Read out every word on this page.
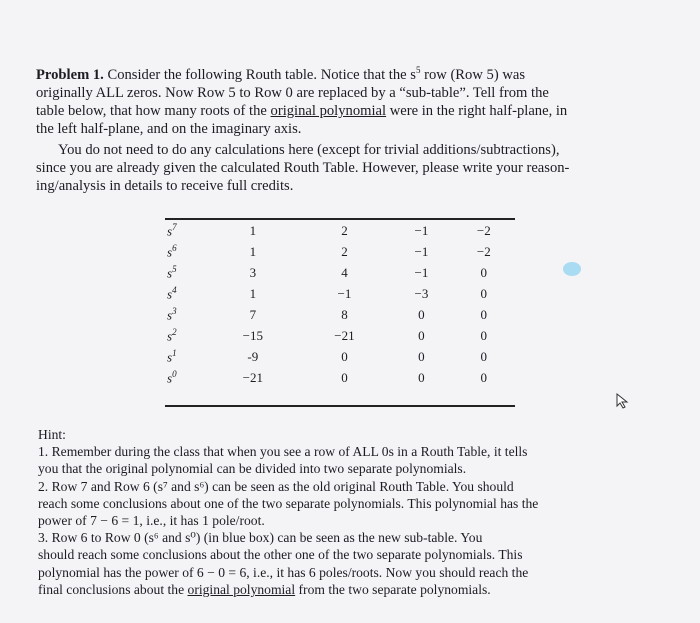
Problem 1. Consider the following Routh table. Notice that the $s^5$ row (Row 5) was
originally ALL zeros. Now Row 5 to Row 0 are replaced by a “sub-table”. Tell from the
table below, that how many roots of the original polynomial were in the right half-plane, in
the left half-plane, and on the imaginary axis.
You do not need to do any calculations here (except for trivial additions/subtractions),
since you are already given the calculated Routh Table. However, please write your reason-
ing/analysis in details to receive full credits.
$s^7$	1	2	−1	−2
$s^6$	1	2	−1	−2
$s^5$	3	4	−1	0
$s^4$	1	−1	−3	0
$s^3$	7	8	0	0
$s^2$	−15	−21	0	0
$s^1$	-9	0	0	0
$s^0$	−21	0	0	0
Hint:
1. Remember during the class that when you see a row of ALL 0s in a Routh Table, it tells
you that the original polynomial can be divided into two separate polynomials.
2. Row 7 and Row 6 (s⁷ and s⁶) can be seen as the old original Routh Table. You should
reach some conclusions about one of the two separate polynomials. This polynomial has the
power of 7 − 6 = 1, i.e., it has 1 pole/root.
3. Row 6 to Row 0 (s⁶ and s⁰) (in blue box) can be seen as the new sub-table. You
should reach some conclusions about the other one of the two separate polynomials. This
polynomial has the power of 6 − 0 = 6, i.e., it has 6 poles/roots. Now you should reach the
final conclusions about the original polynomial from the two separate polynomials.
